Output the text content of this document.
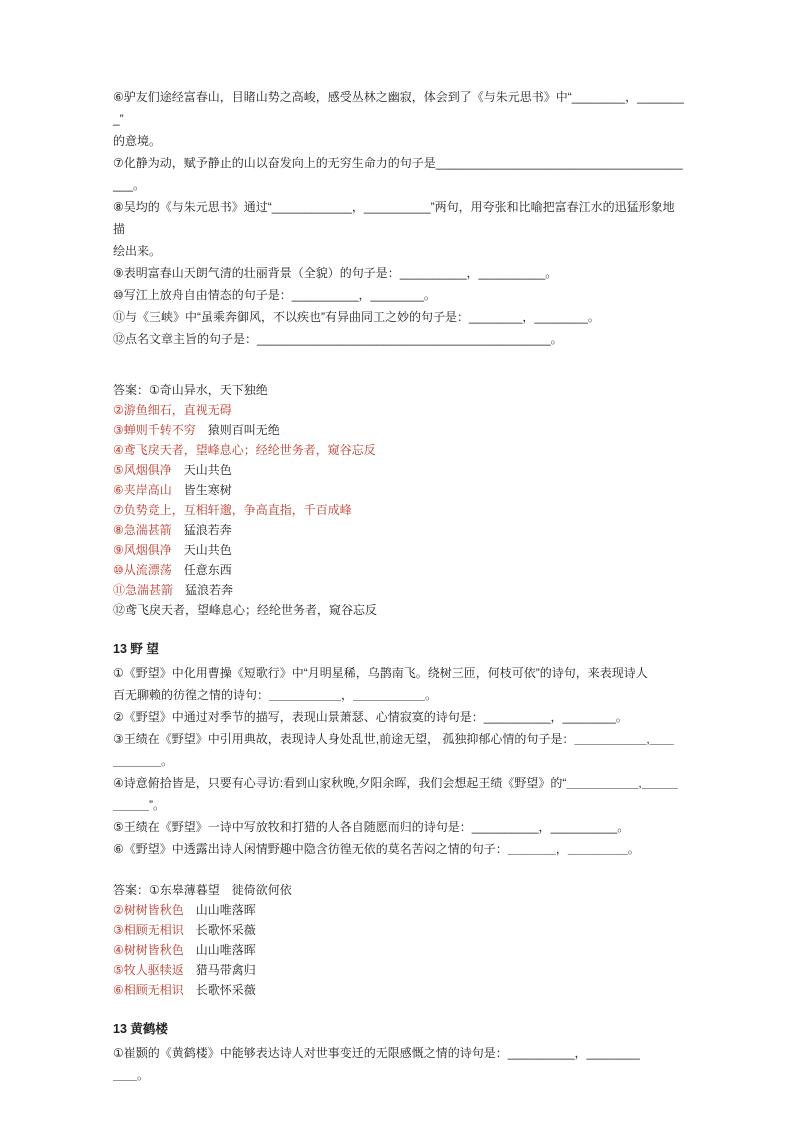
⑥驴友们途经富春山，目睹山势之高峻，感受丛林之幽寂，体会到了《与朱元思书》中“________，________”
的意境。
⑦化静为动，赋予静止的山以奋发向上的无穷生命力的句子是________________________________________。
⑧吴均的《与朱元思书》通过“____________，__________”两句，用夸张和比喻把富春江水的迅猛形象地描
绘出来。
⑨表明富春山天朗气清的壮丽背景（全貌）的句子是：__________，__________。
⑩写江上放舟自由情态的句子是：__________，________。
⑪与《三峡》中“虽乘奔御风，不以疾也”有异曲同工之妙的句子是：________，________。
⑫点名文章主旨的句子是：____________________________________________。
答案：①奇山异水，天下独绝
②游鱼细石，直视无碍
③蝉则千转不穷　猿则百叫无绝
④鸢飞戾天者，望峰息心；经纶世务者，窥谷忘反
⑤风烟俱净　天山共色
⑥夹岸高山　皆生寒树
⑦负势竞上，互相轩邈，争高直指，千百成峰
⑧急湍甚箭　猛浪若奔
⑨风烟俱净　天山共色
⑩从流漂荡　任意东西
⑪急湍甚箭　猛浪若奔
⑫鸢飞戾天者，望峰息心；经纶世务者，窥谷忘反
13 野 望
①《野望》中化用曹操《短歌行》中“月明星稀，乌鹊南飞。绕树三匝，何枝可依”的诗句，来表现诗人
百无聊赖的彷徨之情的诗句：＿＿＿＿＿＿，＿＿＿＿＿＿。
②《野望》中通过对季节的描写，表现山景萧瑟、心情寂寞的诗句是：__________，________。
③王绩在《野望》中引用典故，表现诗人身处乱世,前途无望， 孤独抑郁心情的句子是：＿＿＿＿＿＿,＿＿
＿＿＿＿。
④诗意俯拾皆是，只要有心寻访:看到山家秋晚,夕阳余晖，我们会想起王绩《野望》的“＿＿＿＿＿＿,＿＿＿
＿＿＿”。
⑤王绩在《野望》一诗中写放牧和打猎的人各自随愿而归的诗句是：__________，__________。
⑥《野望》中透露出诗人闲情野趣中隐含彷徨无依的莫名苦闷之情的句子：＿＿＿＿，＿＿＿＿＿。
答案：①东皋薄暮望　徙倚欲何依
②树树皆秋色　山山唯落晖
③相顾无相识　长歌怀采薇
④树树皆秋色　山山唯落晖
⑤牧人驱犊返　猎马带禽归
⑥相顾无相识　长歌怀采薇
13 黄鹤楼
①崔颢的《黄鹤楼》中能够表达诗人对世事变迁的无限感慨之情的诗句是：__________，________
＿＿。
